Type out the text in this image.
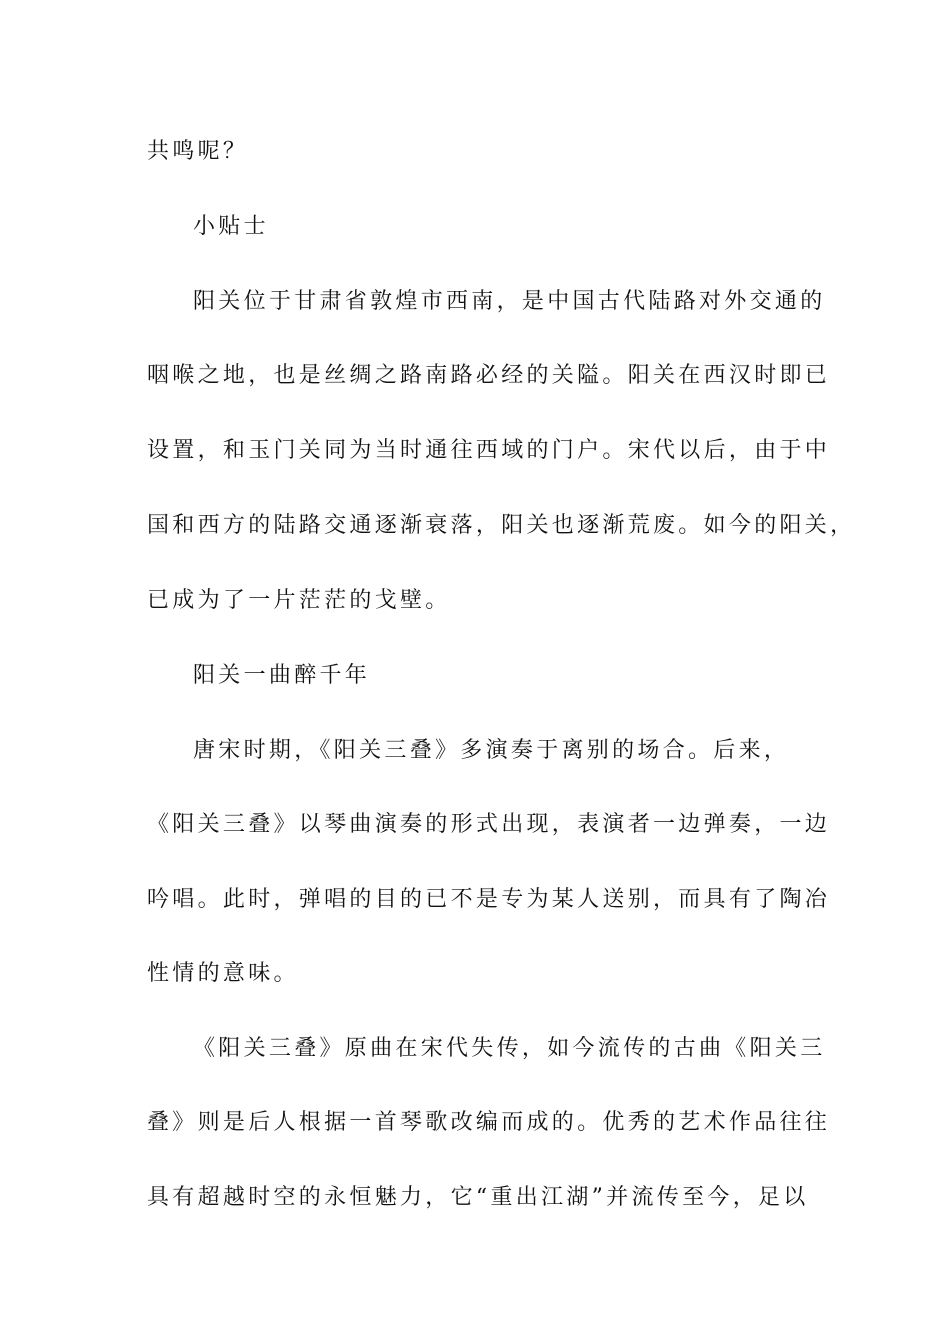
共鸣呢？

小贴士

阳关位于甘肃省敦煌市西南，是中国古代陆路对外交通的

咽喉之地，也是丝绸之路南路必经的关隘。阳关在西汉时即已

设置，和玉门关同为当时通往西域的门户。宋代以后，由于中

国和西方的陆路交通逐渐衰落，阳关也逐渐荒废。如今的阳关，

已成为了一片茫茫的戈壁。

阳关一曲醉千年

唐宋时期，《阳关三叠》多演奏于离别的场合。后来，

《阳关三叠》以琴曲演奏的形式出现，表演者一边弹奏，一边

吟唱。此时，弹唱的目的已不是专为某人送别，而具有了陶冶

性情的意味。

《阳关三叠》原曲在宋代失传，如今流传的古曲《阳关三

叠》则是后人根据一首琴歌改编而成的。优秀的艺术作品往往

具有超越时空的永恒魅力，它“重出江湖”并流传至今，足以
